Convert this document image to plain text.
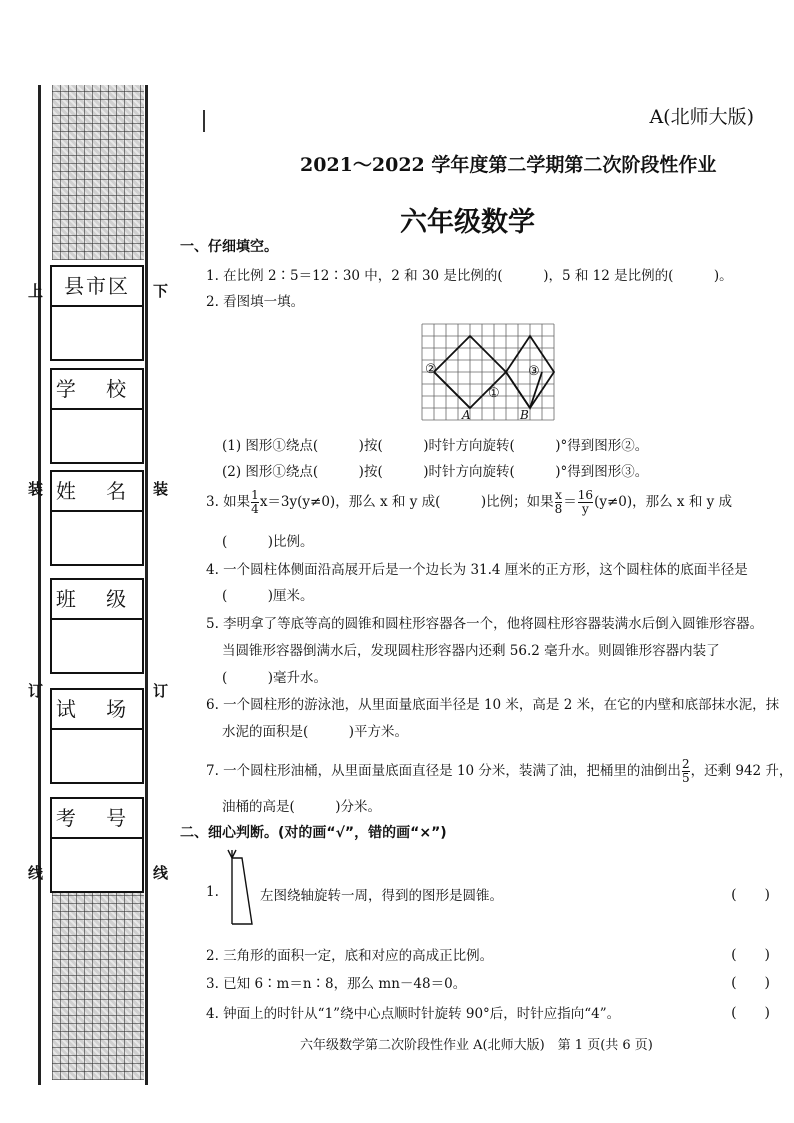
上	下
装	装
订	订
线	线
县市区
学 校
姓 名
班 级
试 场
考 号
A(北师大版)
2021～2022 学年度第二学期第二次阶段性作业
六年级数学
一、仔细填空。
1. 在比例 2∶5＝12∶30 中，2 和 30 是比例的(　　　)，5 和 12 是比例的(　　　)。
2. 看图填一填。
②
①
③
A	B
(1) 图形①绕点(　　　)按(　　　)时针方向旋转(　　　)°得到图形②。
(2) 图形①绕点(　　　)按(　　　)时针方向旋转(　　　)°得到图形③。
3. 如果 $\frac{1}{4} x=3y(y\ne 0)$，那么 x 和 y 成(　　　)比例；如果 $\frac{x}{8} = \frac{16}{y} (y\ne 0)$，那么 x 和 y 成
(　　　)比例。
4. 一个圆柱体侧面沿高展开后是一个边长为 31.4 厘米的正方形，这个圆柱体的底面半径是
(　　　)厘米。
5. 李明拿了等底等高的圆锥和圆柱形容器各一个，他将圆柱形容器装满水后倒入圆锥形容器。
当圆锥形容器倒满水后，发现圆柱形容器内还剩 56.2 毫升水。则圆锥形容器内装了
(　　　)毫升水。
6. 一个圆柱形的游泳池，从里面量底面半径是 10 米，高是 2 米，在它的内壁和底部抹水泥，抹
水泥的面积是(　　　)平方米。
7. 一个圆柱形油桶，从里面量底面直径是 10 分米，装满了油，把桶里的油倒出 $\frac{2}{5}$ ，还剩 942 升，
油桶的高是(　　　)分米。
二、细心判断。(对的画“√”，错的画“×”)
1.	左图绕轴旋转一周，得到的图形是圆锥。	(　　)
2. 三角形的面积一定，底和对应的高成正比例。	(　　)
3. 已知 6∶m＝n∶8，那么 mn－48＝0。	(　　)
4. 钟面上的时针从“1”绕中心点顺时针旋转 90°后，时针应指向“4”。	(　　)
六年级数学第二次阶段性作业 A(北师大版)　第 1 页(共 6 页)
